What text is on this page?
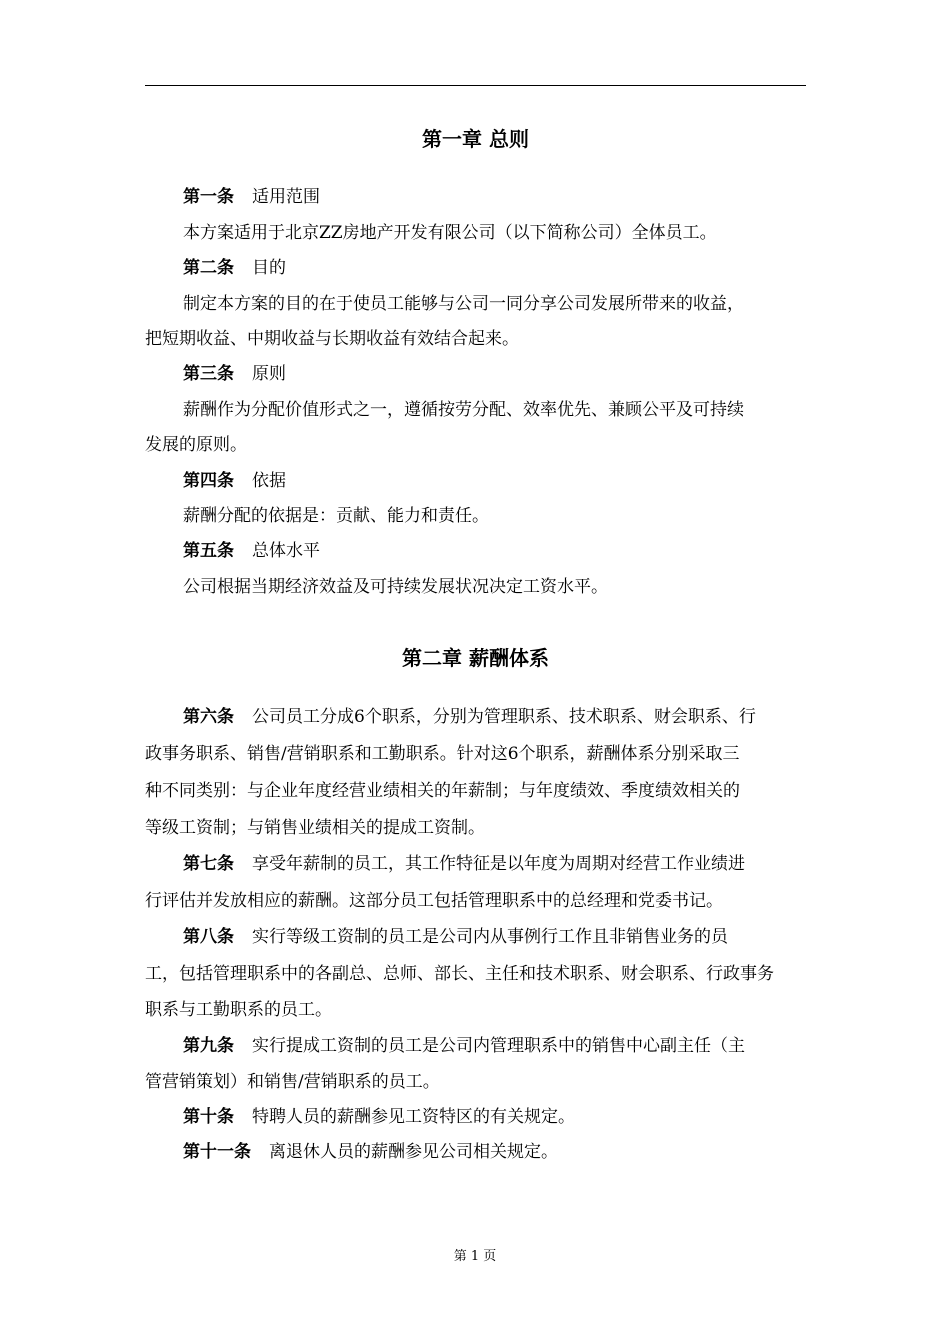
第一章 总则
第一条 适用范围
本方案适用于北京ZZ房地产开发有限公司（以下简称公司）全体员工。
第二条 目的
制定本方案的目的在于使员工能够与公司一同分享公司发展所带来的收益，
把短期收益、中期收益与长期收益有效结合起来。
第三条 原则
薪酬作为分配价值形式之一，遵循按劳分配、效率优先、兼顾公平及可持续
发展的原则。
第四条 依据
薪酬分配的依据是：贡献、能力和责任。
第五条 总体水平
公司根据当期经济效益及可持续发展状况决定工资水平。
第二章 薪酬体系
第六条 公司员工分成6个职系，分别为管理职系、技术职系、财会职系、行
政事务职系、销售/营销职系和工勤职系。针对这6个职系，薪酬体系分别采取三
种不同类别：与企业年度经营业绩相关的年薪制；与年度绩效、季度绩效相关的
等级工资制；与销售业绩相关的提成工资制。
第七条 享受年薪制的员工，其工作特征是以年度为周期对经营工作业绩进
行评估并发放相应的薪酬。这部分员工包括管理职系中的总经理和党委书记。
第八条 实行等级工资制的员工是公司内从事例行工作且非销售业务的员
工，包括管理职系中的各副总、总师、部长、主任和技术职系、财会职系、行政事务
职系与工勤职系的员工。
第九条 实行提成工资制的员工是公司内管理职系中的销售中心副主任（主
管营销策划）和销售/营销职系的员工。
第十条 特聘人员的薪酬参见工资特区的有关规定。
第十一条 离退休人员的薪酬参见公司相关规定。
第 1 页
